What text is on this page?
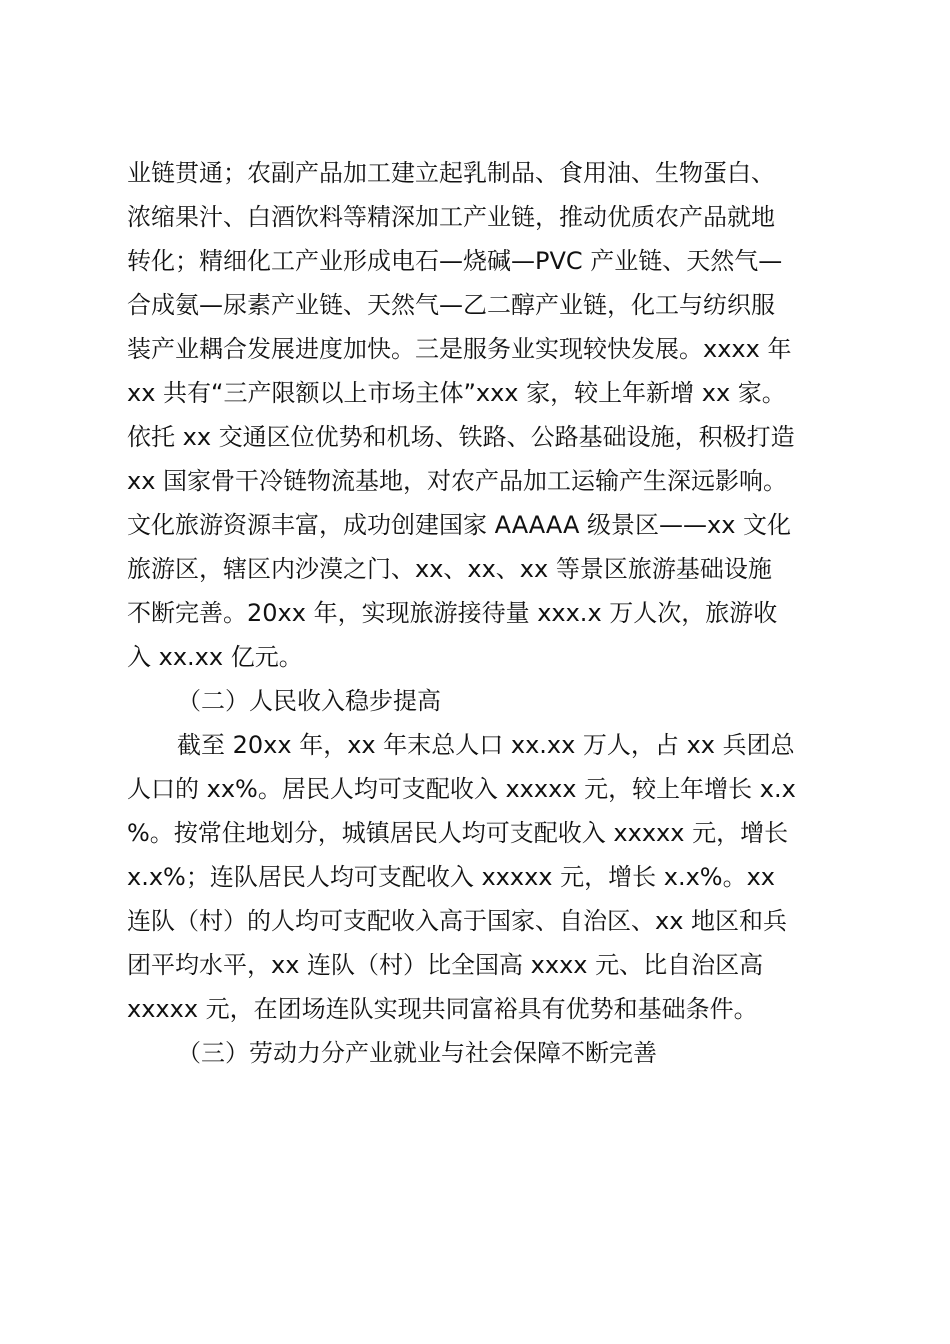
业链贯通；农副产品加工建立起乳制品、食用油、生物蛋白、
浓缩果汁、白酒饮料等精深加工产业链，推动优质农产品就地
转化；精细化工产业形成电石—烧碱—PVC 产业链、天然气—
合成氨—尿素产业链、天然气—乙二醇产业链，化工与纺织服
装产业耦合发展进度加快。三是服务业实现较快发展。xxxx 年
xx 共有“三产限额以上市场主体”xxx 家，较上年新增 xx 家。
依托 xx 交通区位优势和机场、铁路、公路基础设施，积极打造
xx 国家骨干冷链物流基地，对农产品加工运输产生深远影响。
文化旅游资源丰富，成功创建国家 AAAAA 级景区——xx 文化
旅游区，辖区内沙漠之门、xx、xx、xx 等景区旅游基础设施
不断完善。20xx 年，实现旅游接待量 xxx.x 万人次，旅游收
入 xx.xx 亿元。
（二）人民收入稳步提高
截至 20xx 年，xx 年末总人口 xx.xx 万人，占 xx 兵团总
人口的 xx%。居民人均可支配收入 xxxxx 元，较上年增长 x.x
%。按常住地划分，城镇居民人均可支配收入 xxxxx 元，增长
x.x%；连队居民人均可支配收入 xxxxx 元，增长 x.x%。xx
连队（村）的人均可支配收入高于国家、自治区、xx 地区和兵
团平均水平，xx 连队（村）比全国高 xxxx 元、比自治区高
xxxxx 元，在团场连队实现共同富裕具有优势和基础条件。
（三）劳动力分产业就业与社会保障不断完善
